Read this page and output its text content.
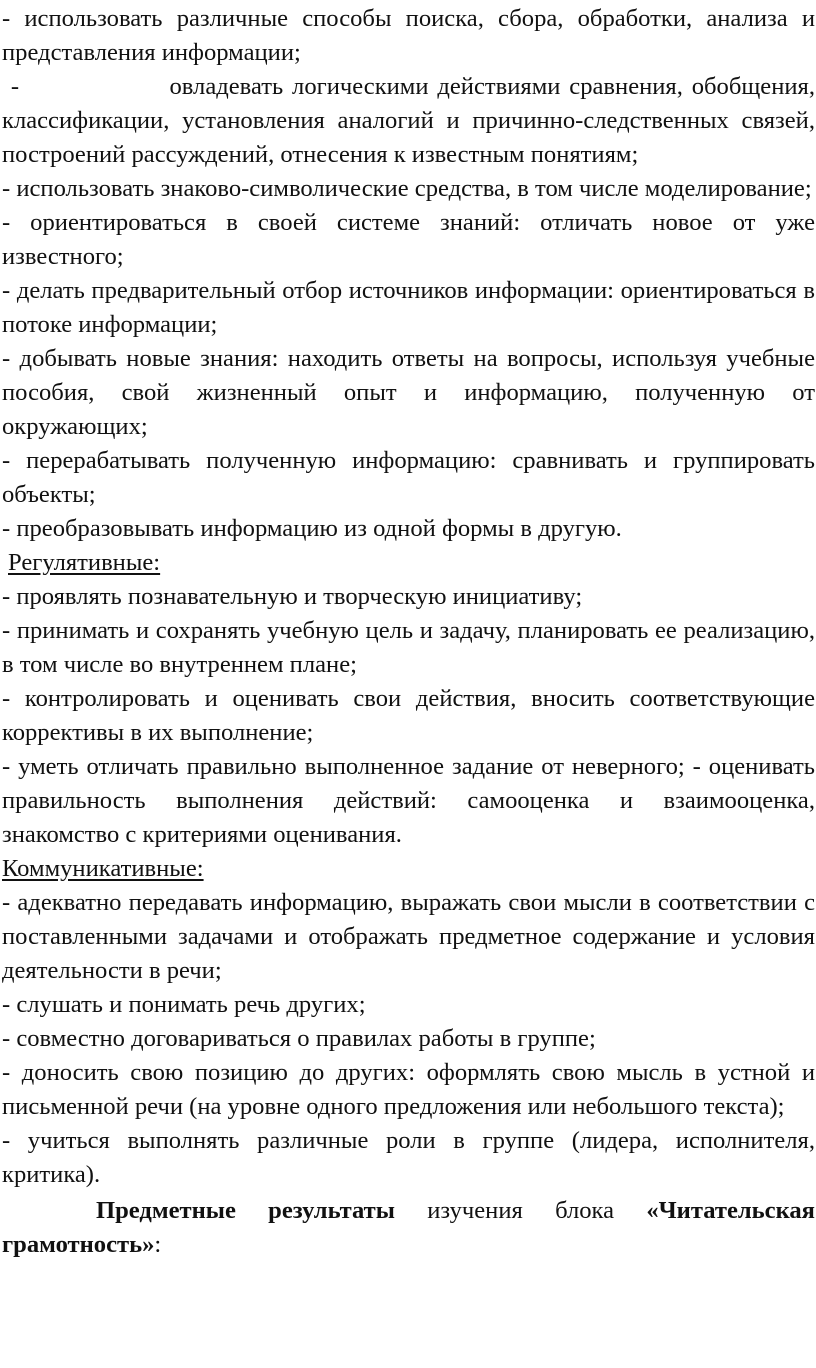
- использовать различные способы поиска, сбора, обработки, анализа и представления информации;

-                 овладевать логическими действиями сравнения, обобщения, классификации, установления аналогий и причинно-следственных связей, построений рассуждений, отнесения к известным понятиям;

- использовать знаково-символические средства, в том числе моделирование;

- ориентироваться в своей системе знаний: отличать новое от уже известного;

- делать предварительный отбор источников информации: ориентироваться в потоке информации;

- добывать новые знания: находить ответы на вопросы, используя учебные пособия, свой жизненный опыт и информацию, полученную от окружающих;

- перерабатывать полученную информацию: сравнивать и группировать объекты;

- преобразовывать информацию из одной формы в другую.

Регулятивные:

- проявлять познавательную и творческую инициативу;

- принимать и сохранять учебную цель и задачу, планировать ее реализацию, в том числе во внутреннем плане;

- контролировать и оценивать свои действия, вносить соответствующие коррективы в их выполнение;

- уметь отличать правильно выполненное задание от неверного; - оценивать правильность выполнения действий: самооценка и взаимооценка, знакомство с критериями оценивания.

Коммуникативные:

- адекватно передавать информацию, выражать свои мысли в соответствии с поставленными задачами и отображать предметное содержание и условия деятельности в речи;

- слушать и понимать речь других;

- совместно договариваться о правилах работы в группе;

- доносить свою позицию до других: оформлять свою мысль в устной и письменной речи (на уровне одного предложения или небольшого текста);

- учиться выполнять различные роли в группе (лидера, исполнителя, критика).

Предметные результаты изучения блока «Читательская грамотность»:
